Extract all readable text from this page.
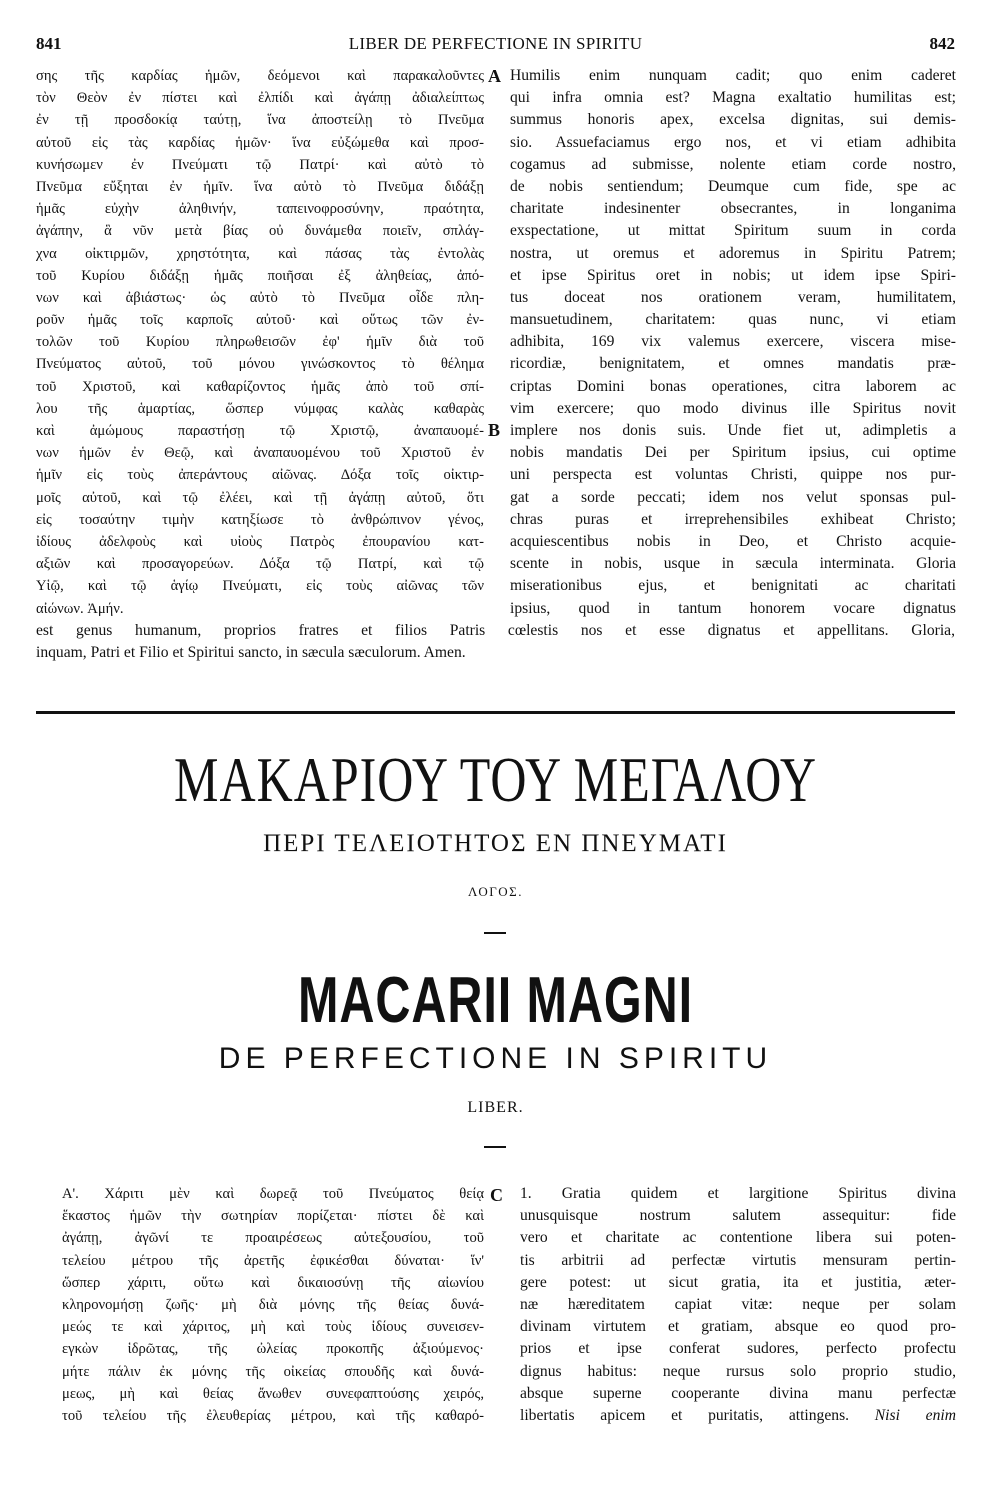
841	LIBER DE PERFECTIONE IN SPIRITU	842
σης τῆς καρδίας ἡμῶν, δεόμενοι καὶ παρακαλοῦντες
τὸν Θεὸν ἐν πίστει καὶ ἐλπίδι καὶ ἀγάπῃ ἀδιαλείπτως
ἐν τῇ προσδοκίᾳ ταύτῃ, ἵνα ἀποστείλῃ τὸ Πνεῦμα
αὐτοῦ εἰς τὰς καρδίας ἡμῶν· ἵνα εὐξώμεθα καὶ προσ-
κυνήσωμεν ἐν Πνεύματι τῷ Πατρί· καὶ αὐτὸ τὸ
Πνεῦμα εὔξηται ἐν ἡμῖν. ἵνα αὐτὸ τὸ Πνεῦμα διδάξῃ
ἡμᾶς εὐχὴν ἀληθινήν, ταπεινοφροσύνην, πραότητα,
ἀγάπην, ἃ νῦν μετὰ βίας οὐ δυνάμεθα ποιεῖν, σπλάγ-
χνα οἰκτιρμῶν, χρηστότητα, καὶ πάσας τὰς ἐντολὰς
τοῦ Κυρίου διδάξῃ ἡμᾶς ποιῆσαι ἐξ ἀληθείας, ἀπό-
νων καὶ ἀβιάστως· ὡς αὐτὸ τὸ Πνεῦμα οἶδε πλη-
ροῦν ἡμᾶς τοῖς καρποῖς αὐτοῦ· καὶ οὕτως τῶν ἐν-
τολῶν τοῦ Κυρίου πληρωθεισῶν ἐφ' ἡμῖν διὰ τοῦ
Πνεύματος αὐτοῦ, τοῦ μόνου γινώσκοντος τὸ θέλημα
τοῦ Χριστοῦ, καὶ καθαρίζοντος ἡμᾶς ἀπὸ τοῦ σπί-
λου τῆς ἁμαρτίας, ὥσπερ νύμφας καλὰς καθαρὰς
καὶ ἀμώμους παραστήσῃ τῷ Χριστῷ, ἀναπαυομέ-
νων ἡμῶν ἐν Θεῷ, καὶ ἀναπαυομένου τοῦ Χριστοῦ ἐν
ἡμῖν εἰς τοὺς ἀπεράντους αἰῶνας. Δόξα τοῖς οἰκτιρ-
μοῖς αὐτοῦ, καὶ τῷ ἐλέει, καὶ τῇ ἀγάπῃ αὐτοῦ, ὅτι
εἰς τοσαύτην τιμὴν κατηξίωσε τὸ ἀνθρώπινον γένος,
ἰδίους ἀδελφοὺς καὶ υἱοὺς Πατρὸς ἐπουρανίου κατ-
αξιῶν καὶ προσαγορεύων. Δόξα τῷ Πατρί, καὶ τῷ
Υἱῷ, καὶ τῷ ἁγίῳ Πνεύματι, εἰς τοὺς αἰῶνας τῶν
αἰώνων. Ἀμήν.
Humilis enim nunquam cadit; quo enim caderet
qui infra omnia est? Magna exaltatio humilitas est;
summus honoris apex, excelsa dignitas, sui demis-
sio. Assuefaciamus ergo nos, et vi etiam adhibita
cogamus ad submisse, nolente etiam corde nostro,
de nobis sentiendum; Deumque cum fide, spe ac
charitate indesinenter obsecrantes, in longanima
exspectatione, ut mittat Spiritum suum in corda
nostra, ut oremus et adoremus in Spiritu Patrem;
et ipse Spiritus oret in nobis; ut idem ipse Spiri-
tus doceat nos orationem veram, humilitatem,
mansuetudinem, charitatem: quas nunc, vi etiam
adhibita, 169 vix valemus exercere, viscera mise-
ricordiæ, benignitatem, et omnes mandatis præ-
criptas Domini bonas operationes, citra laborem ac
vim exercere; quo modo divinus ille Spiritus novit
implere nos donis suis. Unde fiet ut, adimpletis a
nobis mandatis Dei per Spiritum ipsius, cui optime
uni perspecta est voluntas Christi, quippe nos pur-
gat a sorde peccati; idem nos velut sponsas pul-
chras puras et irreprehensibiles exhibeat Christo;
acquiescentibus nobis in Deo, et Christo acquie-
scente in nobis, usque in sæcula interminata. Gloria
miserationibus ejus, et benignitati ac charitati
ipsius, quod in tantum honorem vocare dignatus
A
B
est genus humanum, proprios fratres et filios Patris cœlestis nos et esse dignatus et appellitans. Gloria,
inquam, Patri et Filio et Spiritui sancto, in sæcula sæculorum. Amen.
ΜΑΚΑΡΙΟΥ ΤΟΥ ΜΕΓΑΛΟΥ
ΠΕΡΙ ΤΕΛΕΙΟΤΗΤΟΣ ΕΝ ΠΝΕΥΜΑΤΙ
ΛΟΓΟΣ.
MACARII MAGNI
DE PERFECTIONE IN SPIRITU
LIBER.
Α'. Χάριτι μὲν καὶ δωρεᾷ τοῦ Πνεύματος θείᾳ
ἕκαστος ἡμῶν τὴν σωτηρίαν πορίζεται· πίστει δὲ καὶ
ἀγάπῃ, ἀγῶνί τε προαιρέσεως αὐτεξουσίου, τοῦ
τελείου μέτρου τῆς ἀρετῆς ἐφικέσθαι δύναται· ἵν'
ὥσπερ χάριτι, οὕτω καὶ δικαιοσύνῃ τῆς αἰωνίου
κληρονομήσῃ ζωῆς· μὴ διὰ μόνης τῆς θείας δυνά-
μεώς τε καὶ χάριτος, μὴ καὶ τοὺς ἰδίους συνεισεν-
εγκὼν ἱδρῶτας, τῆς ὠλείας προκοπῆς ἀξιούμενος·
μήτε πάλιν ἐκ μόνης τῆς οἰκείας σπουδῆς καὶ δυνά-
μεως, μὴ καὶ θείας ἄνωθεν συνεφαπτούσης χειρός,
τοῦ τελείου τῆς ἐλευθερίας μέτρου, καὶ τῆς καθαρό-
1. Gratia quidem et largitione Spiritus divina
unusquisque nostrum salutem assequitur: fide
vero et charitate ac contentione libera sui poten-
tis arbitrii ad perfectæ virtutis mensuram pertin-
gere potest: ut sicut gratia, ita et justitia, æter-
næ hæreditatem capiat vitæ: neque per solam
divinam virtutem et gratiam, absque eo quod pro-
prios et ipse conferat sudores, perfecto profectu
dignus habitus: neque rursus solo proprio studio,
absque superne cooperante divina manu perfectæ
libertatis apicem et puritatis, attingens. Nisi enim
C
